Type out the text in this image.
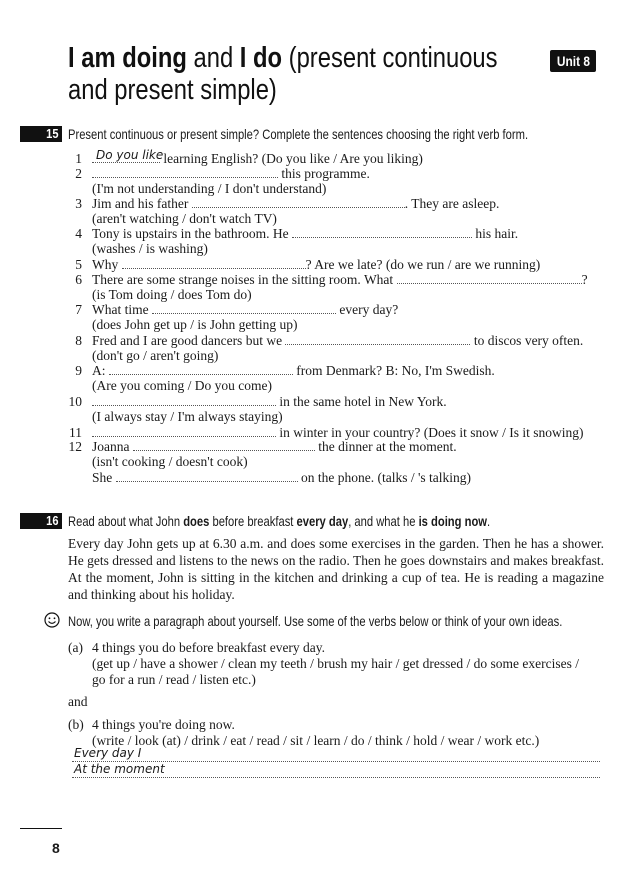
I am doing and I do (present continuous
and present simple)
Unit 8
15 Present continuous or present simple? Complete the sentences choosing the right verb form.
1 Do you like
learning English? (Do you like / Are you liking)
2	this programme.
(I'm not understanding / I don't understand)
3 Jim and his father	. They are asleep.
(aren't watching / don't watch TV)
4 Tony is upstairs in the bathroom. He	his hair.
(washes / is washing)
5 Why	? Are we late? (do we run / are we running)
6 There are some strange noises in the sitting room. What	?
(is Tom doing / does Tom do)
7 What time	every day?
(does John get up / is John getting up)
8 Fred and I are good dancers but we	to discos very often.
(don't go / aren't going)
9 A:	from Denmark? B: No, I'm Swedish.
(Are you coming / Do you come)
10	in the same hotel in New York.
(I always stay / I'm always staying)
11	in winter in your country? (Does it snow / Is it snowing)
12 Joanna	the dinner at the moment.
(isn't cooking / doesn't cook)
She	on the phone. (talks / 's talking)
16 Read about what John does before breakfast every day, and what he is doing now.
Every day John gets up at 6.30 a.m. and does some exercises in the garden. Then he has a shower. He gets dressed and listens to the news on the radio. Then he goes downstairs and makes breakfast. At the moment, John is sitting in the kitchen and drinking a cup of tea. He is reading a magazine and thinking about his holiday.
Now, you write a paragraph about yourself. Use some of the verbs below or think of your own ideas.
(a) 4 things you do before breakfast every day.
(get up / have a shower / clean my teeth / brush my hair / get dressed / do some exercises /
go for a run / read / listen etc.)
and
(b) 4 things you're doing now.
(write / look (at) / drink / eat / read / sit / learn / do / think / hold / wear / work etc.)
Every day I
At the moment
8
